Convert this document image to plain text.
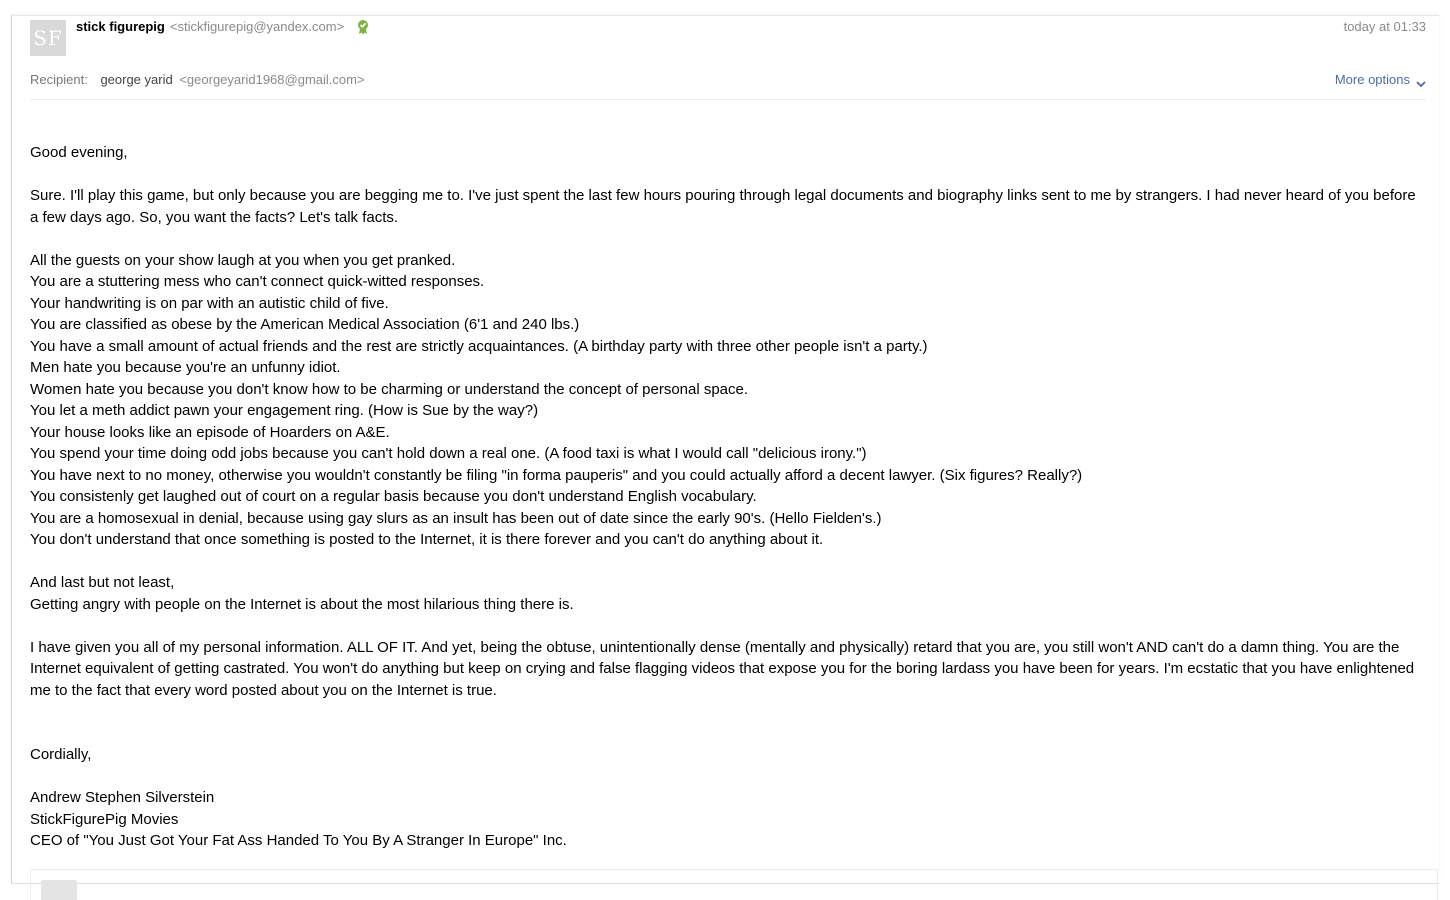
SF stick figurepig <stickfigurepig@yandex.com>	today at 01:33
Recipient: george yarid <georgeyarid1968@gmail.com>	More options

Good evening,

Sure. I'll play this game, but only because you are begging me to. I've just spent the last few hours pouring through legal documents and biography links sent to me by strangers. I had never heard of you before a few days ago. So, you want the facts? Let's talk facts.

All the guests on your show laugh at you when you get pranked.

You are a stuttering mess who can't connect quick-witted responses.

Your handwriting is on par with an autistic child of five.

You are classified as obese by the American Medical Association (6'1 and 240 lbs.)

You have a small amount of actual friends and the rest are strictly acquaintances. (A birthday party with three other people isn't a party.)

Men hate you because you're an unfunny idiot.

Women hate you because you don't know how to be charming or understand the concept of personal space.

You let a meth addict pawn your engagement ring. (How is Sue by the way?)

Your house looks like an episode of Hoarders on A&E.

You spend your time doing odd jobs because you can't hold down a real one. (A food taxi is what I would call "delicious irony.")

You have next to no money, otherwise you wouldn't constantly be filing "in forma pauperis" and you could actually afford a decent lawyer. (Six figures? Really?)

You consistenly get laughed out of court on a regular basis because you don't understand English vocabulary.

You are a homosexual in denial, because using gay slurs as an insult has been out of date since the early 90's. (Hello Fielden's.)

You don't understand that once something is posted to the Internet, it is there forever and you can't do anything about it.

And last but not least,

Getting angry with people on the Internet is about the most hilarious thing there is.

I have given you all of my personal information. ALL OF IT. And yet, being the obtuse, unintentionally dense (mentally and physically) retard that you are, you still won't AND can't do a damn thing. You are the Internet equivalent of getting castrated. You won't do anything but keep on crying and false flagging videos that expose you for the boring lardass you have been for years. I'm ecstatic that you have enlightened me to the fact that every word posted about you on the Internet is true.

Cordially,

Andrew Stephen Silverstein

StickFigurePig Movies

CEO of "You Just Got Your Fat Ass Handed To You By A Stranger In Europe" Inc.
